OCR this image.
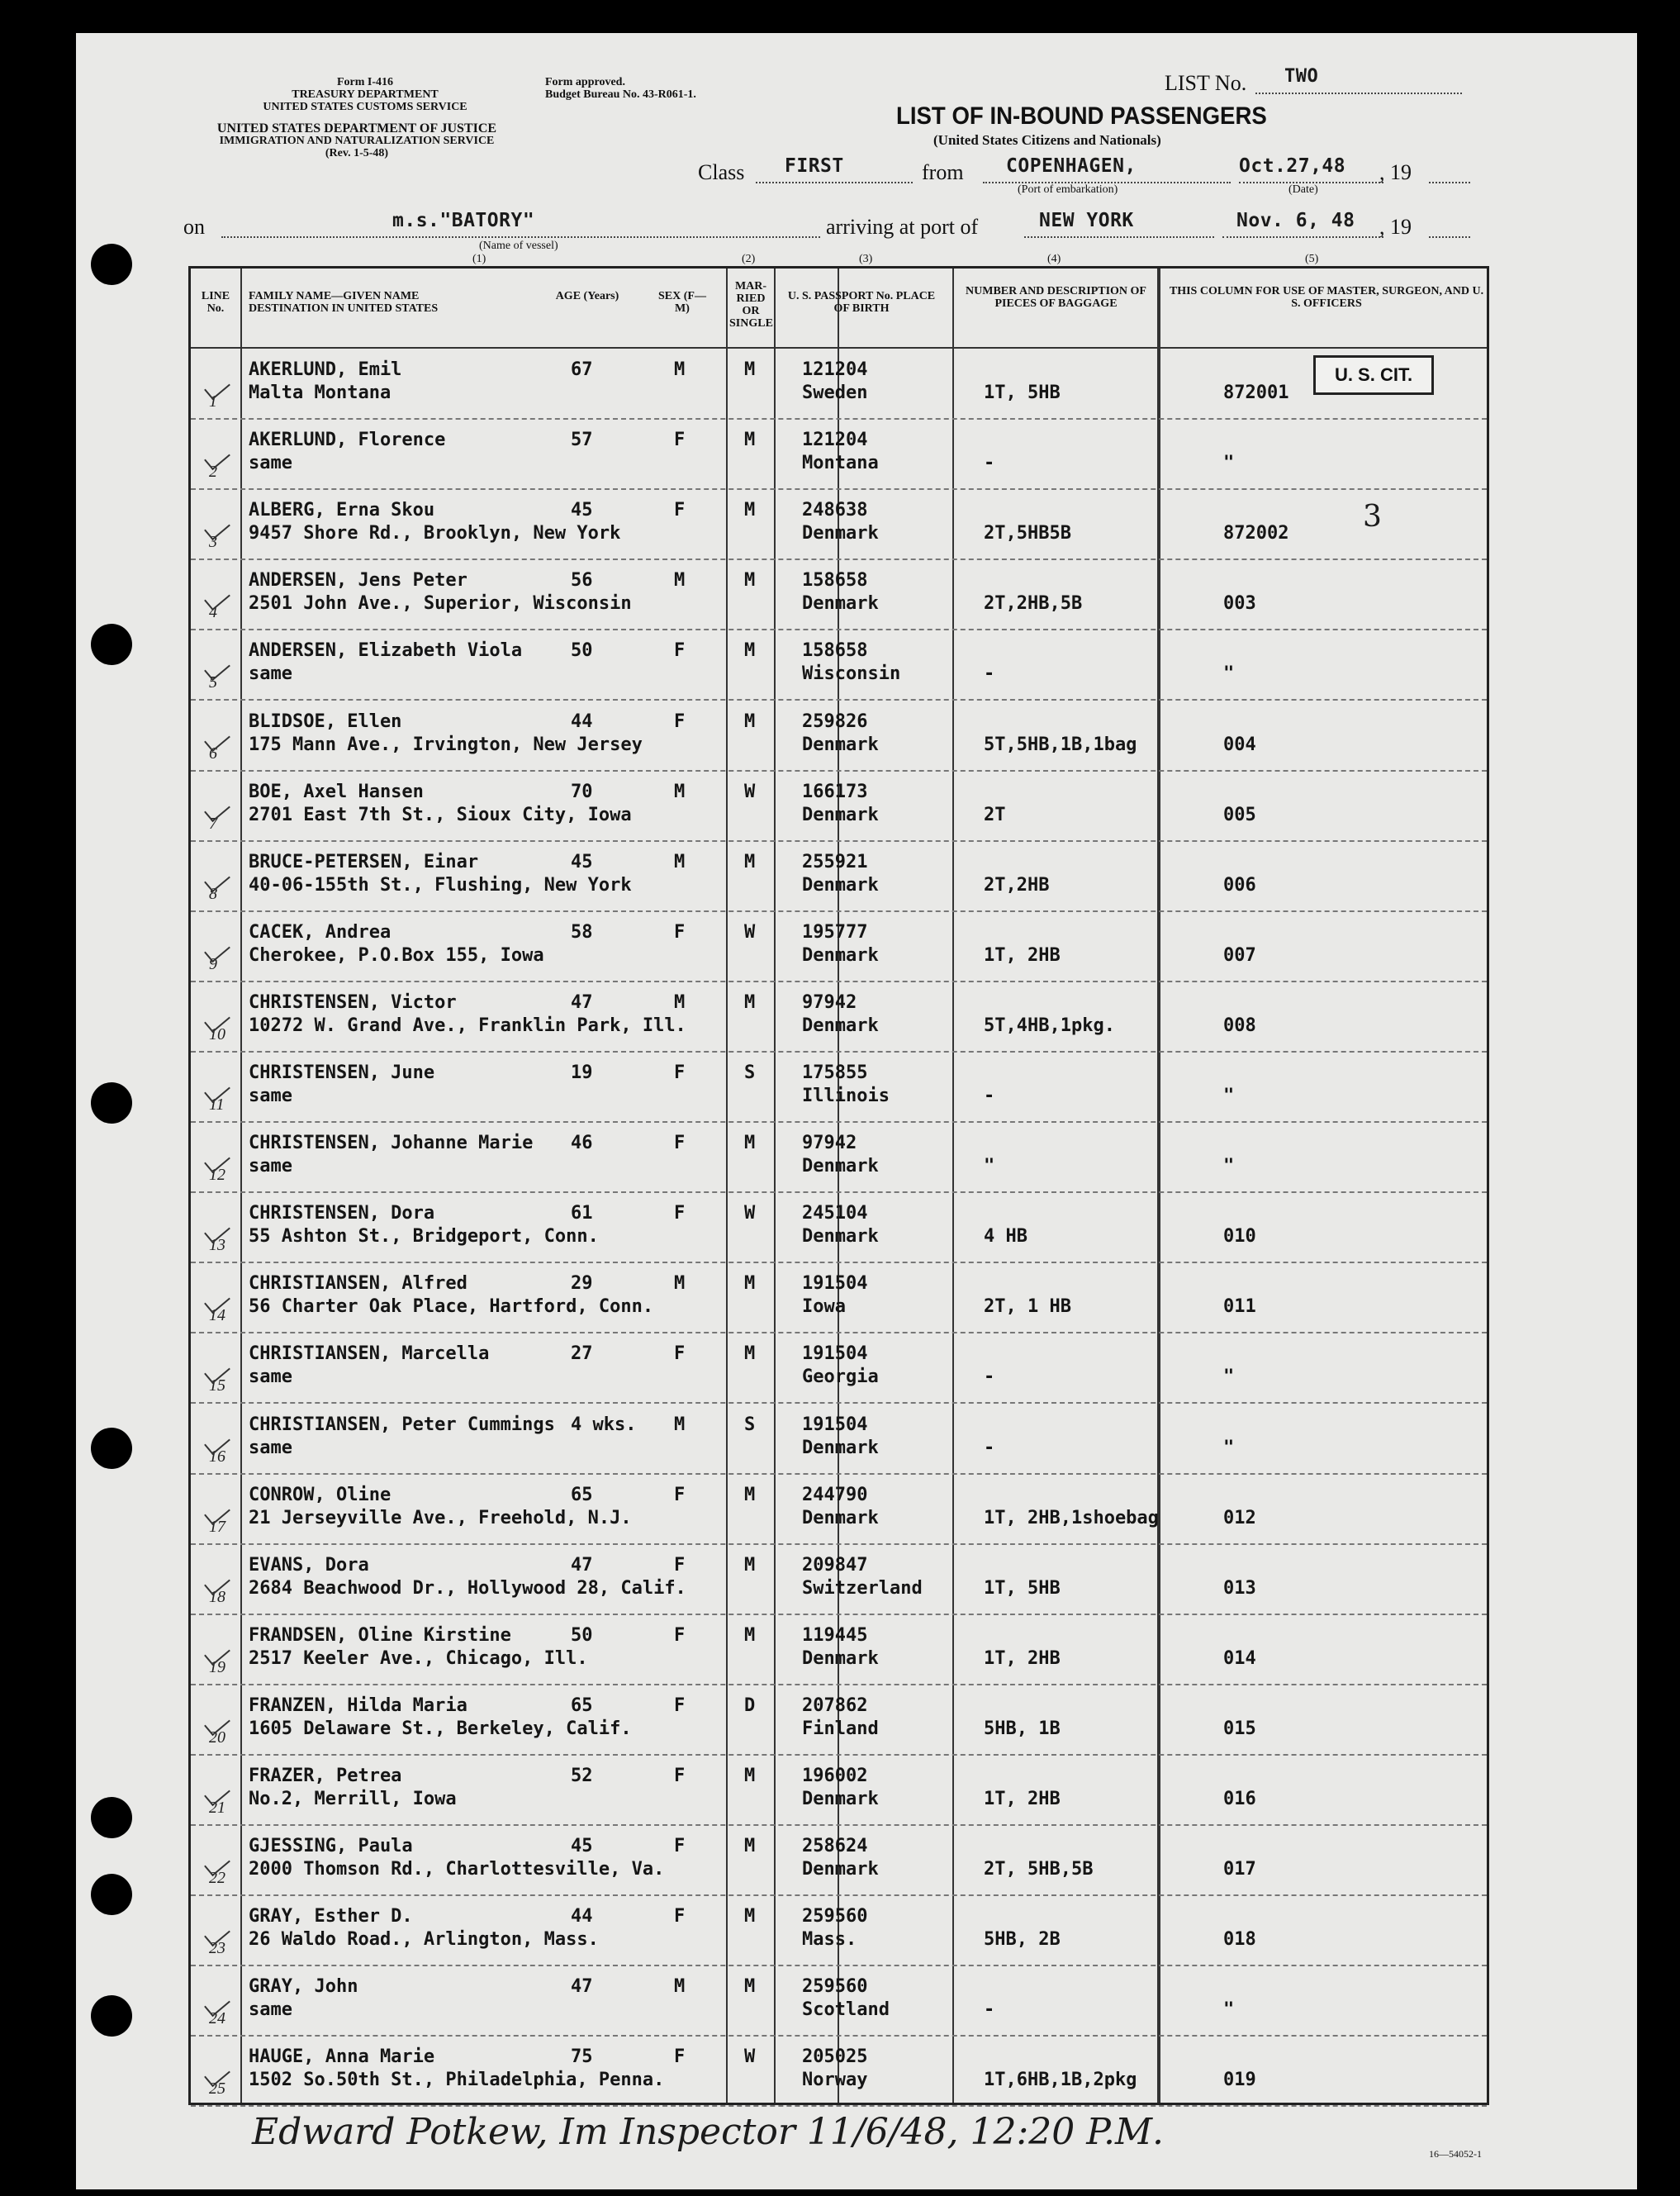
Form I-416
TREASURY DEPARTMENT
UNITED STATES CUSTOMS SERVICE
UNITED STATES DEPARTMENT OF JUSTICE
IMMIGRATION AND NATURALIZATION SERVICE
(Rev. 1-5-48)
Form approved.
Budget Bureau No. 43-R061-1.	LIST No. TWO
LIST OF IN-BOUND PASSENGERS
(United States Citizens and Nationals)
Class FIRST	from COPENHAGEN,
(Port of embarkation)
Oct.27,48 , 19
(Date)
on	m.s."BATORY"
(Name of vessel)
arriving at port of	NEW YORK	Nov. 6, 48 , 19
(1)	(2)	(3)	(4)	(5)
LINE No.
FAMILY NAME—GIVEN NAME DESTINATION IN UNITED STATES
AGE (Years)	SEX (F—M)
MAR-RIED OR SINGLE
U. S. PASSPORT No. PLACE OF BIRTH
NUMBER AND DESCRIPTION OF PIECES OF BAGGAGE
THIS COLUMN FOR USE OF MASTER, SURGEON, AND U. S. OFFICERS
1
AKERLUND, Emil
Malta Montana
67	M	M	121204
Sweden	1T, 5HB	872001
2
AKERLUND, Florence
same
57	F	M	121204
Montana	-	"
3
ALBERG, Erna Skou
9457 Shore Rd., Brooklyn, New York
45	F	M	248638
Denmark	2T,5HB5B	872002
4
ANDERSEN, Jens Peter
2501 John Ave., Superior, Wisconsin
56	M	M	158658
Denmark	2T,2HB,5B	003
5
ANDERSEN, Elizabeth Viola
same
50	F	M	158658
Wisconsin	-	"
6
BLIDSOE, Ellen
175 Mann Ave., Irvington, New Jersey
44	F	M	259826
Denmark	5T,5HB,1B,1bag	004
7
BOE, Axel Hansen
2701 East 7th St., Sioux City, Iowa
70	M	W	166173
Denmark	2T	005
8
BRUCE-PETERSEN, Einar
40-06-155th St., Flushing, New York
45	M	M	255921
Denmark	2T,2HB	006
9
CACEK, Andrea
Cherokee, P.O.Box 155, Iowa
58	F	W	195777
Denmark	1T, 2HB	007
10
CHRISTENSEN, Victor
10272 W. Grand Ave., Franklin Park, Ill.
47	M	M	97942
Denmark	5T,4HB,1pkg.	008
11
CHRISTENSEN, June
same
19	F	S	175855
Illinois	-	"
12
CHRISTENSEN, Johanne Marie
same
46	F	M	97942
Denmark	"	"
13
CHRISTENSEN, Dora
55 Ashton St., Bridgeport, Conn.
61	F	W	245104
Denmark	4 HB	010
14
CHRISTIANSEN, Alfred
56 Charter Oak Place, Hartford, Conn.
29	M	M	191504
Iowa	2T, 1 HB	011
15
CHRISTIANSEN, Marcella
same
27	F	M	191504
Georgia	-	"
16
CHRISTIANSEN, Peter Cummings
same
4 wks. M	S	191504
Denmark	-	"
17
CONROW, Oline
21 Jerseyville Ave., Freehold, N.J.
65	F	M	244790
Denmark	1T, 2HB,1shoebag	012
18
EVANS, Dora
2684 Beachwood Dr., Hollywood 28, Calif.
47	F	M	209847
Switzerland	1T, 5HB	013
19
FRANDSEN, Oline Kirstine
2517 Keeler Ave., Chicago, Ill.
50	F	M	119445
Denmark	1T, 2HB	014
20
FRANZEN, Hilda Maria
1605 Delaware St., Berkeley, Calif.
65	F	D	207862
Finland	5HB, 1B	015
21
FRAZER, Petrea
No.2, Merrill, Iowa
52	F	M	196002
Denmark	1T, 2HB	016
22
GJESSING, Paula
2000 Thomson Rd., Charlottesville, Va.
45	F	M	258624
Denmark	2T, 5HB,5B	017
23
GRAY, Esther D.
26 Waldo Road., Arlington, Mass.
44	F	M	259560
Mass.	5HB, 2B	018
24
GRAY, John
same
47	M	M	259560
Scotland	-	"
25
HAUGE, Anna Marie
1502 So.50th St., Philadelphia, Penna.
75	F	W	205025
Norway	1T,6HB,1B,2pkg	019
U. S. CIT.
3
Edward Potkew, Im Inspector 11/6/48, 12:20 P.M.
16—54052-1
